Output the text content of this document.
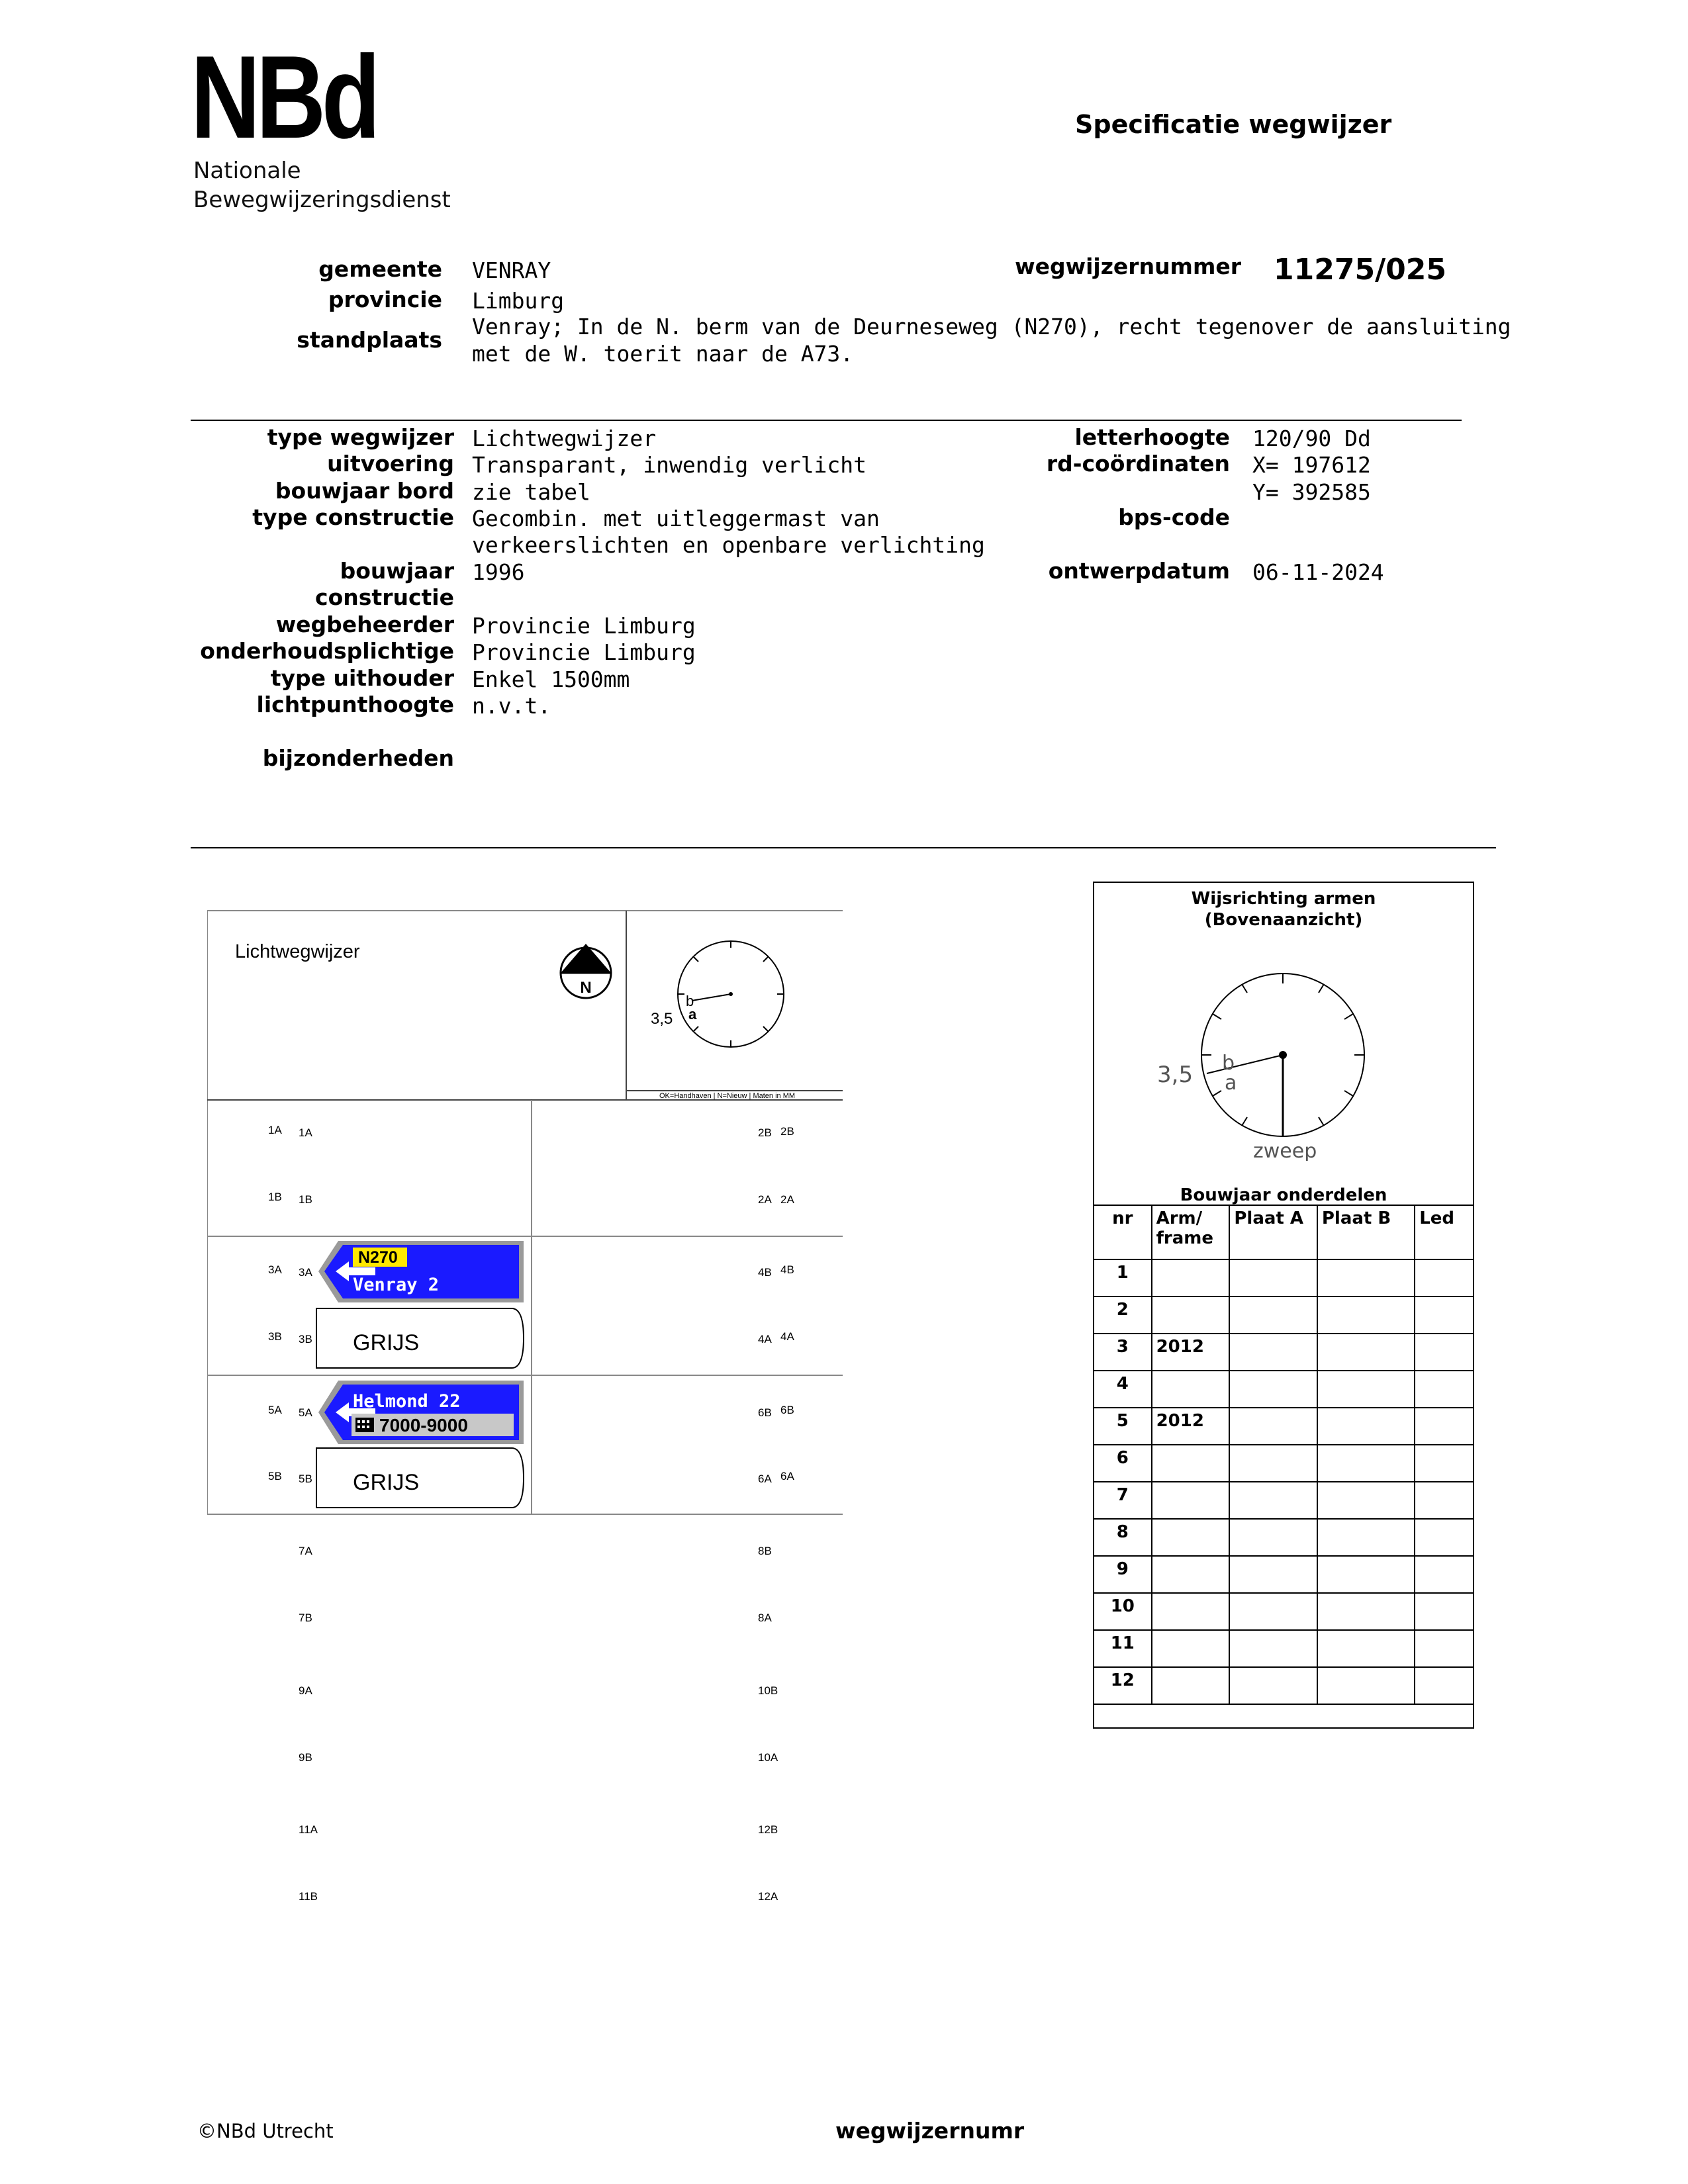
NBd
Nationale
Bewegwijzeringsdienst
Specificatie wegwijzer
gemeente VENRAY
provincie Limburg
standplaats
Venray; In de N. berm van de Deurneseweg (N270), recht tegenover de aansluiting
met de W. toerit naar de A73.
wegwijzernummer 11275/025
type wegwijzer Lichtwegwijzer
uitvoering Transparant, inwendig verlicht
bouwjaar bord zie tabel
type constructie Gecombin. met uitleggermast van
verkeerslichten en openbare verlichting
bouwjaar 1996
constructie
wegbeheerder Provincie Limburg
onderhoudsplichtige Provincie Limburg
type uithouder Enkel 1500mm
lichtpunthoogte n.v.t.
bijzonderheden
letterhoogte 120/90 Dd
rd-coördinaten X= 197612
Y= 392585
bps-code
ontwerpdatum 06-11-2024
Lichtwegwijzer
N
b
a
3,5
OK=Handhaven | N=Nieuw | Maten in MM
1A 1A
1B 1B
3A 3A
3B 3B
5A 5A
5B 5B
2B 2B
2A 2A
4B 4B
4A 4A
6B 6B
6A 6A
N270
Venray 2
GRIJS
Helmond 22
7000-9000
GRIJS
7A
7B
9A
9B
11A
11B
8B
8A
10B
10A
12B
12A
Wijsrichting armen
(Bovenaanzicht)
b
a
3,5
zweep
Bouwjaar onderdelen
nr	Arm/ frame	Plaat A	Plaat B	Led
1				
2				
3	2012			
4				
5	2012			
6				
7				
8				
9				
10				
11				
12				
©NBd Utrecht	wegwijzernumr
